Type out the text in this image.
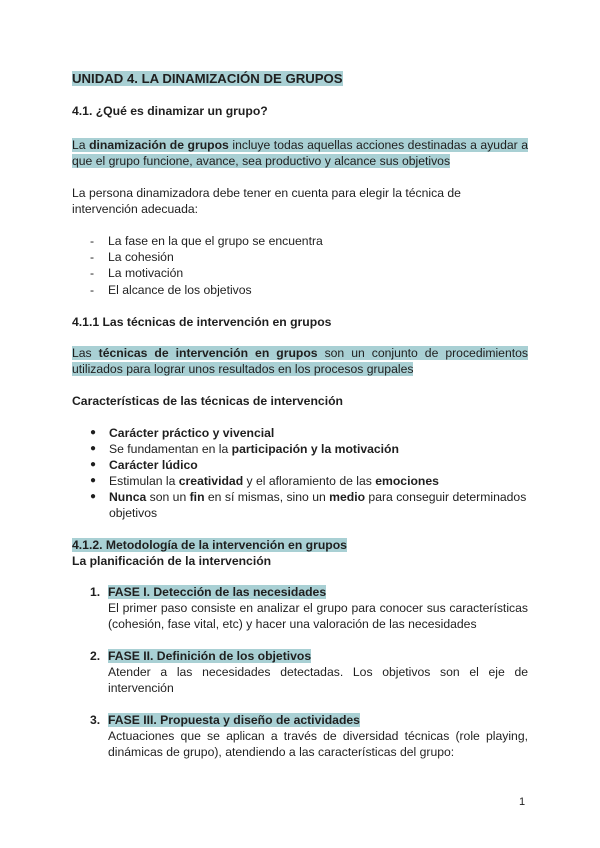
UNIDAD 4. LA DINAMIZACIÓN DE GRUPOS
4.1. ¿Qué es dinamizar un grupo?
La dinamización de grupos incluye todas aquellas acciones destinadas a ayudar a que el grupo funcione, avance, sea productivo y alcance sus objetivos
La persona dinamizadora debe tener en cuenta para elegir la técnica de intervención adecuada:
- La fase en la que el grupo se encuentra
- La cohesión
- La motivación
- El alcance de los objetivos
4.1.1 Las técnicas de intervención en grupos
Las técnicas de intervención en grupos son un conjunto de procedimientos utilizados para lograr unos resultados en los procesos grupales
Características de las técnicas de intervención
● Carácter práctico y vivencial
● Se fundamentan en la participación y la motivación
● Carácter lúdico
● Estimulan la creatividad y el afloramiento de las emociones
● Nunca son un fin en sí mismas, sino un medio para conseguir determinados objetivos
4.1.2. Metodología de la intervención en grupos
La planificación de la intervención
1. FASE I. Detección de las necesidades
El primer paso consiste en analizar el grupo para conocer sus características (cohesión, fase vital, etc) y hacer una valoración de las necesidades
2. FASE II. Definición de los objetivos
Atender a las necesidades detectadas. Los objetivos son el eje de intervención
3. FASE III. Propuesta y diseño de actividades
Actuaciones que se aplican a través de diversidad técnicas (role playing, dinámicas de grupo), atendiendo a las características del grupo:
1
